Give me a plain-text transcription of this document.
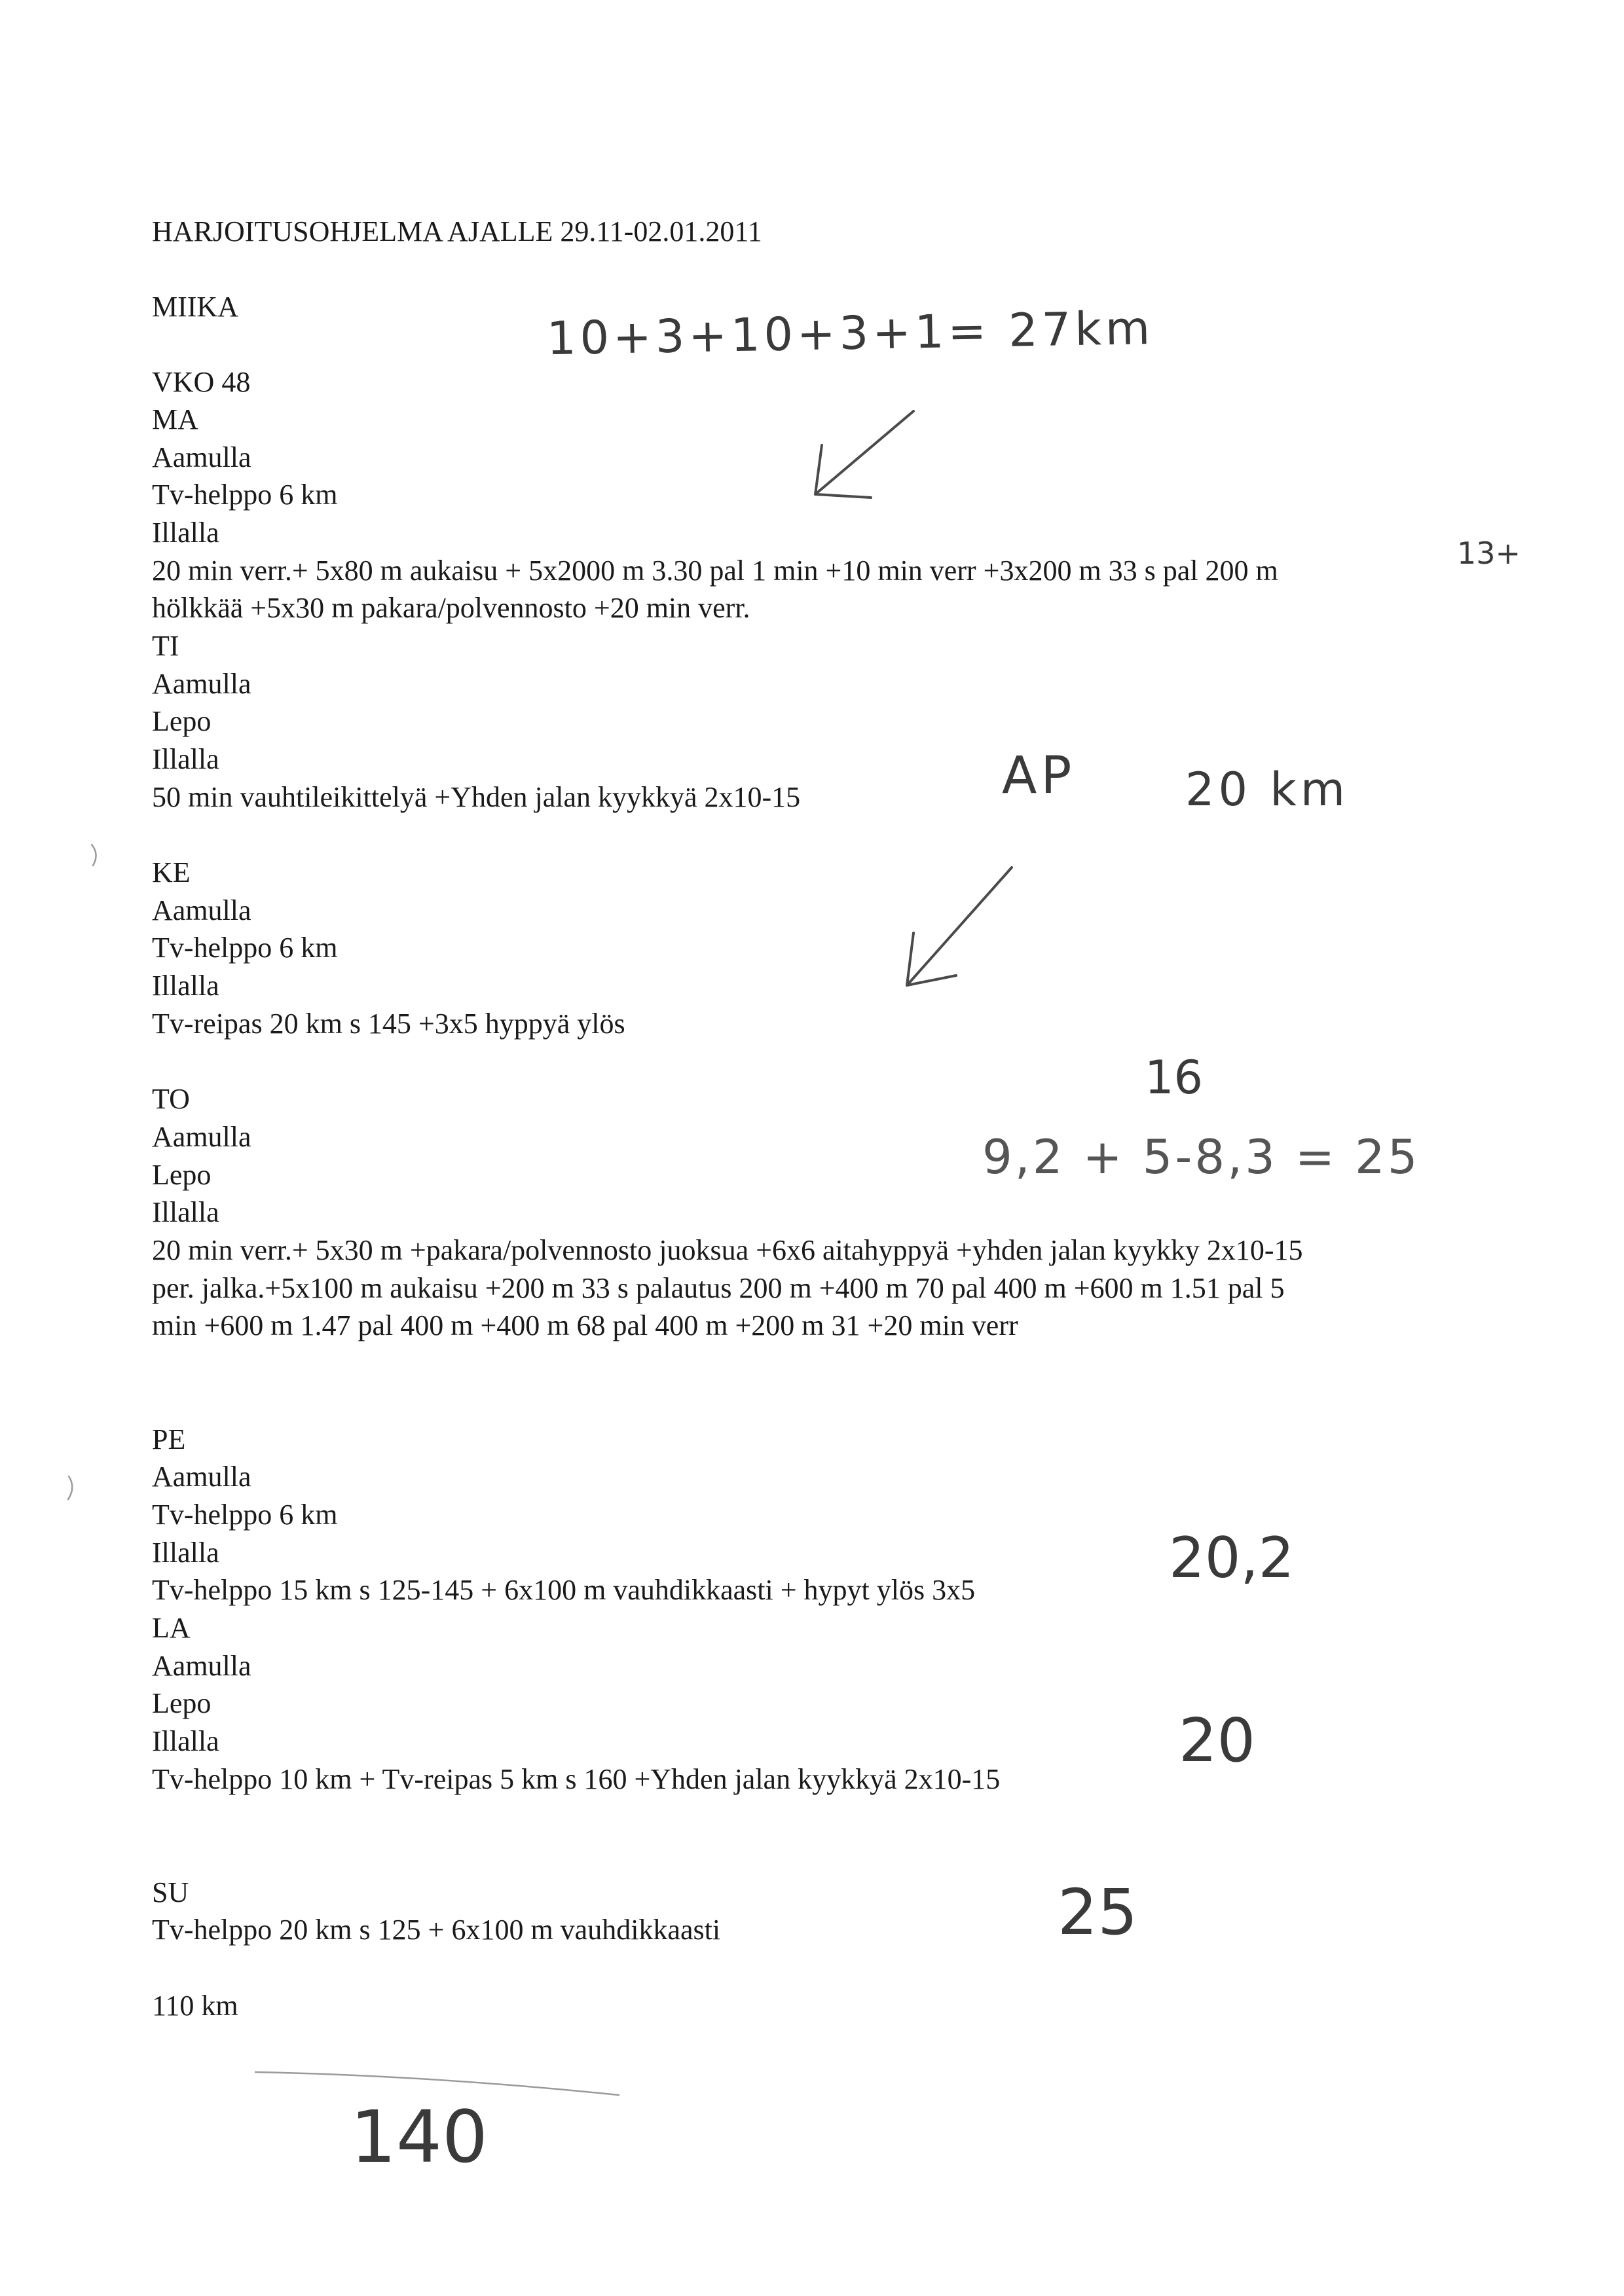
HARJOITUSOHJELMA AJALLE 29.11-02.01.2011
MIIKA
VKO 48
MA
Aamulla
Tv-helppo 6 km
Illalla
20 min verr.+ 5x80 m aukaisu + 5x2000 m 3.30 pal 1 min +10 min verr +3x200 m 33 s pal 200 m
hölkkää +5x30 m pakara/polvennosto +20 min verr.
TI
Aamulla
Lepo
Illalla
50 min vauhtileikittelyä +Yhden jalan kyykkyä 2x10-15
KE
Aamulla
Tv-helppo 6 km
Illalla
Tv-reipas 20 km s 145 +3x5 hyppyä ylös
TO
Aamulla
Lepo
Illalla
20 min verr.+ 5x30 m +pakara/polvennosto juoksua +6x6 aitahyppyä +yhden jalan kyykky 2x10-15
per. jalka.+5x100 m aukaisu +200 m 33 s palautus 200 m +400 m 70 pal 400 m +600 m 1.51 pal 5
min +600 m 1.47 pal 400 m +400 m 68 pal 400 m +200 m 31 +20 min verr
PE
Aamulla
Tv-helppo 6 km
Illalla
Tv-helppo 15 km s 125-145 + 6x100 m vauhdikkaasti + hypyt ylös 3x5
LA
Aamulla
Lepo
Illalla
Tv-helppo 10 km + Tv-reipas 5 km s 160 +Yhden jalan kyykkyä 2x10-15
SU
Tv-helppo 20 km s 125 + 6x100 m vauhdikkaasti
110 km
10+3+10+3+1= 27km
13+
AP 20 km
16
9,2 + 5-8,3 = 25
20,2
20
25
140
